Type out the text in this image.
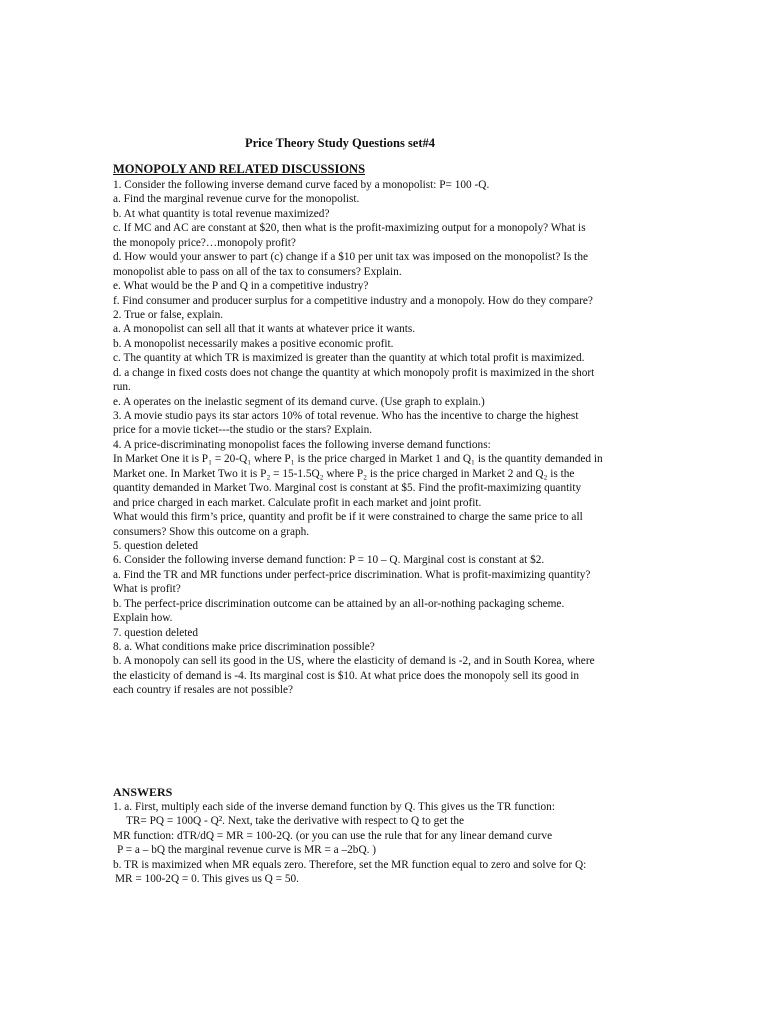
Price Theory Study Questions set#4
MONOPOLY AND RELATED DISCUSSIONS
1. Consider the following inverse demand curve faced by a monopolist: P= 100 -Q.
a. Find the marginal revenue curve for the monopolist.
b. At what quantity is total revenue maximized?
c. If MC and AC are constant at $20, then what is the profit-maximizing output for a monopoly? What is
the monopoly price?…monopoly profit?
d. How would your answer to part (c) change if a $10 per unit tax was imposed on the monopolist? Is the
monopolist able to pass on all of the tax to consumers? Explain.
e. What would be the P and Q in a competitive industry?
f. Find consumer and producer surplus for a competitive industry and a monopoly. How do they compare?
2. True or false, explain.
a. A monopolist can sell all that it wants at whatever price it wants.
b. A monopolist necessarily makes a positive economic profit.
c. The quantity at which TR is maximized is greater than the quantity at which total profit is maximized.
d. a change in fixed costs does not change the quantity at which monopoly profit is maximized in the short
run.
e. A operates on the inelastic segment of its demand curve. (Use graph to explain.)
3. A movie studio pays its star actors 10% of total revenue. Who has the incentive to charge the highest
price for a movie ticket---the studio or the stars? Explain.
4. A price-discriminating monopolist faces the following inverse demand functions:
In Market One it is P₁ = 20-Q₁ where P₁ is the price charged in Market 1 and Q₁ is the quantity demanded in
Market one. In Market Two it is P₂ = 15-1.5Q₂ where P₂ is the price charged in Market 2 and Q₂ is the
quantity demanded in Market Two. Marginal cost is constant at $5. Find the profit-maximizing quantity
and price charged in each market. Calculate profit in each market and joint profit.
What would this firm’s price, quantity and profit be if it were constrained to charge the same price to all
consumers? Show this outcome on a graph.
5. question deleted
6. Consider the following inverse demand function: P = 10 – Q. Marginal cost is constant at $2.
a. Find the TR and MR functions under perfect-price discrimination. What is profit-maximizing quantity?
What is profit?
b. The perfect-price discrimination outcome can be attained by an all-or-nothing packaging scheme.
Explain how.
7. question deleted
8. a. What conditions make price discrimination possible?
b. A monopoly can sell its good in the US, where the elasticity of demand is -2, and in South Korea, where
the elasticity of demand is -4. Its marginal cost is $10. At what price does the monopoly sell its good in
each country if resales are not possible?
ANSWERS
1. a. First, multiply each side of the inverse demand function by Q. This gives us the TR function:
TR= PQ = 100Q - Q². Next, take the derivative with respect to Q to get the
MR function: dTR/dQ = MR = 100-2Q. (or you can use the rule that for any linear demand curve
P = a – bQ the marginal revenue curve is MR = a –2bQ. )
b. TR is maximized when MR equals zero. Therefore, set the MR function equal to zero and solve for Q:
MR = 100-2Q = 0. This gives us Q = 50.
